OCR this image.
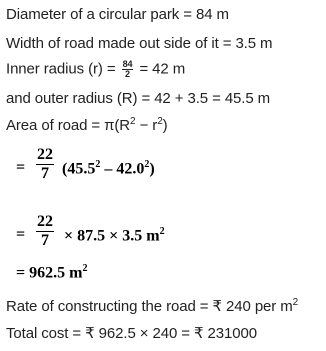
Diameter of a circular park = 84 m
Width of road made out side of it = 3.5 m
Inner radius $(r) = \frac{84}{2} = 42$ m
and outer radius (R) = 42 + 3.5 = 45.5 m
Area of road = $\pi(R^2 - r^2)$
= $\frac{22}{7} (45.5^2 - 42.0^2)$
= $\frac{22}{7} \times 87.5 \times 3.5$ $m^2$
= 962.5 $m^2$
Rate of constructing the road = ₹ 240 per $m^2$
Total cost = ₹ 962.5 × 240 = ₹ 231000
